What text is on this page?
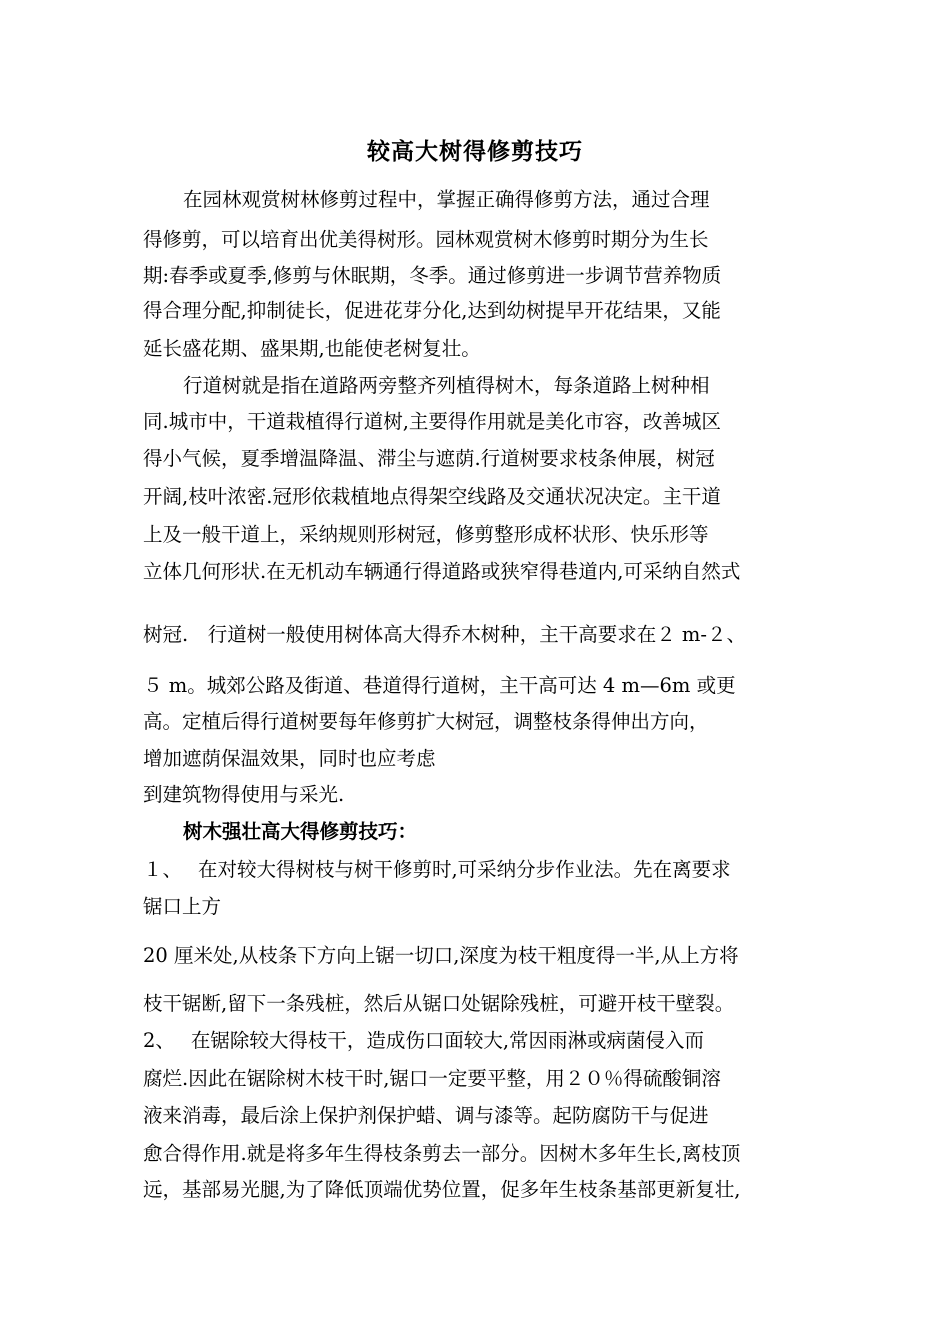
较高大树得修剪技巧
在园林观赏树林修剪过程中，掌握正确得修剪方法，通过合理
得修剪，可以培育出优美得树形。园林观赏树木修剪时期分为生长
期:春季或夏季,修剪与休眠期，冬季。通过修剪进一步调节营养物质
得合理分配,抑制徒长，促进花芽分化,达到幼树提早开花结果，又能
延长盛花期、盛果期,也能使老树复壮。
行道树就是指在道路两旁整齐列植得树木，每条道路上树种相
同.城市中，干道栽植得行道树,主要得作用就是美化市容，改善城区
得小气候，夏季增温降温、滞尘与遮荫.行道树要求枝条伸展，树冠
开阔,枝叶浓密.冠形依栽植地点得架空线路及交通状况决定。主干道
上及一般干道上，采纳规则形树冠，修剪整形成杯状形、快乐形等
立体几何形状.在无机动车辆通行得道路或狭窄得巷道内,可采纳自然式
树冠.　行道树一般使用树体高大得乔木树种，主干高要求在２ m-２、
５ m。城郊公路及街道、巷道得行道树，主干高可达 4 m—6m 或更
高。定植后得行道树要每年修剪扩大树冠，调整枝条得伸出方向，
增加遮荫保温效果，同时也应考虑
到建筑物得使用与采光.
树木强壮高大得修剪技巧：
１、　 在对较大得树枝与树干修剪时,可采纳分步作业法。先在离要求
锯口上方
20 厘米处,从枝条下方向上锯一切口,深度为枝干粗度得一半,从上方将
枝干锯断,留下一条残桩，然后从锯口处锯除残桩，可避开枝干壁裂。
2、　 在锯除较大得枝干，造成伤口面较大,常因雨淋或病菌侵入而
腐烂.因此在锯除树木枝干时,锯口一定要平整，用２０％得硫酸铜溶
液来消毒，最后涂上保护剂保护蜡、调与漆等。起防腐防干与促进
愈合得作用.就是将多年生得枝条剪去一部分。因树木多年生长,离枝顶
远，基部易光腿,为了降低顶端优势位置，促多年生枝条基部更新复壮,
